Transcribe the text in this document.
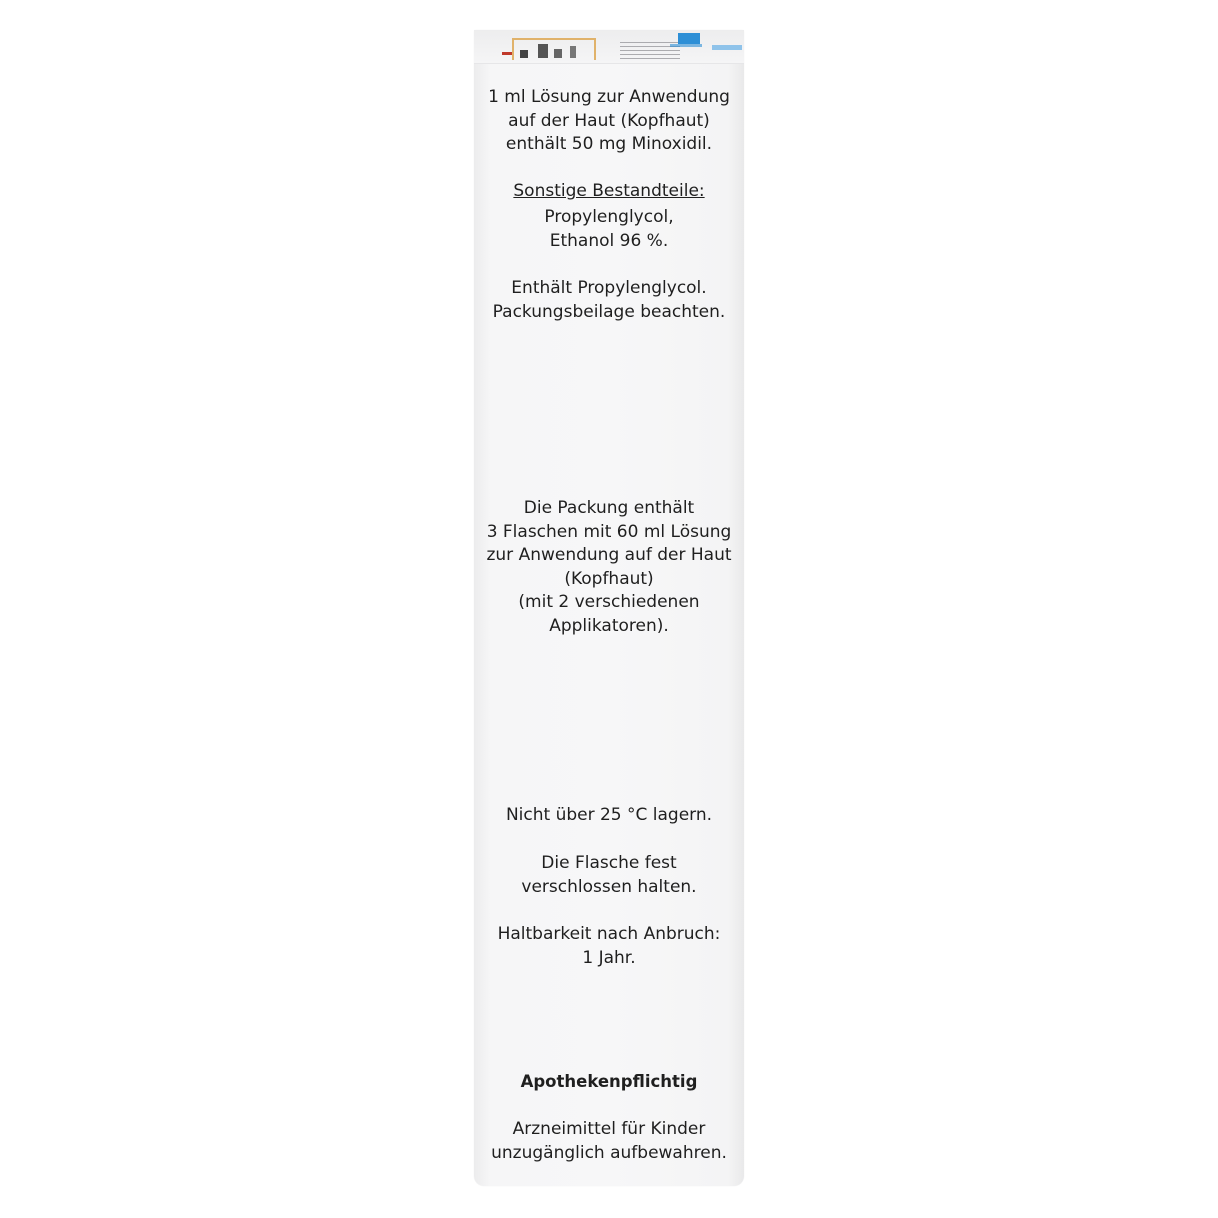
1 ml Lösung zur Anwendung
auf der Haut (Kopfhaut)
enthält 50 mg Minoxidil.
Sonstige Bestandteile:
Propylenglycol,
Ethanol 96 %.
Enthält Propylenglycol.
Packungsbeilage beachten.
Die Packung enthält
3 Flaschen mit 60 ml Lösung
zur Anwendung auf der Haut
(Kopfhaut)
(mit 2 verschiedenen
Applikatoren).
Nicht über 25 °C lagern.
Die Flasche fest
verschlossen halten.
Haltbarkeit nach Anbruch:
1 Jahr.
Apothekenpflichtig
Arzneimittel für Kinder
unzugänglich aufbewahren.
